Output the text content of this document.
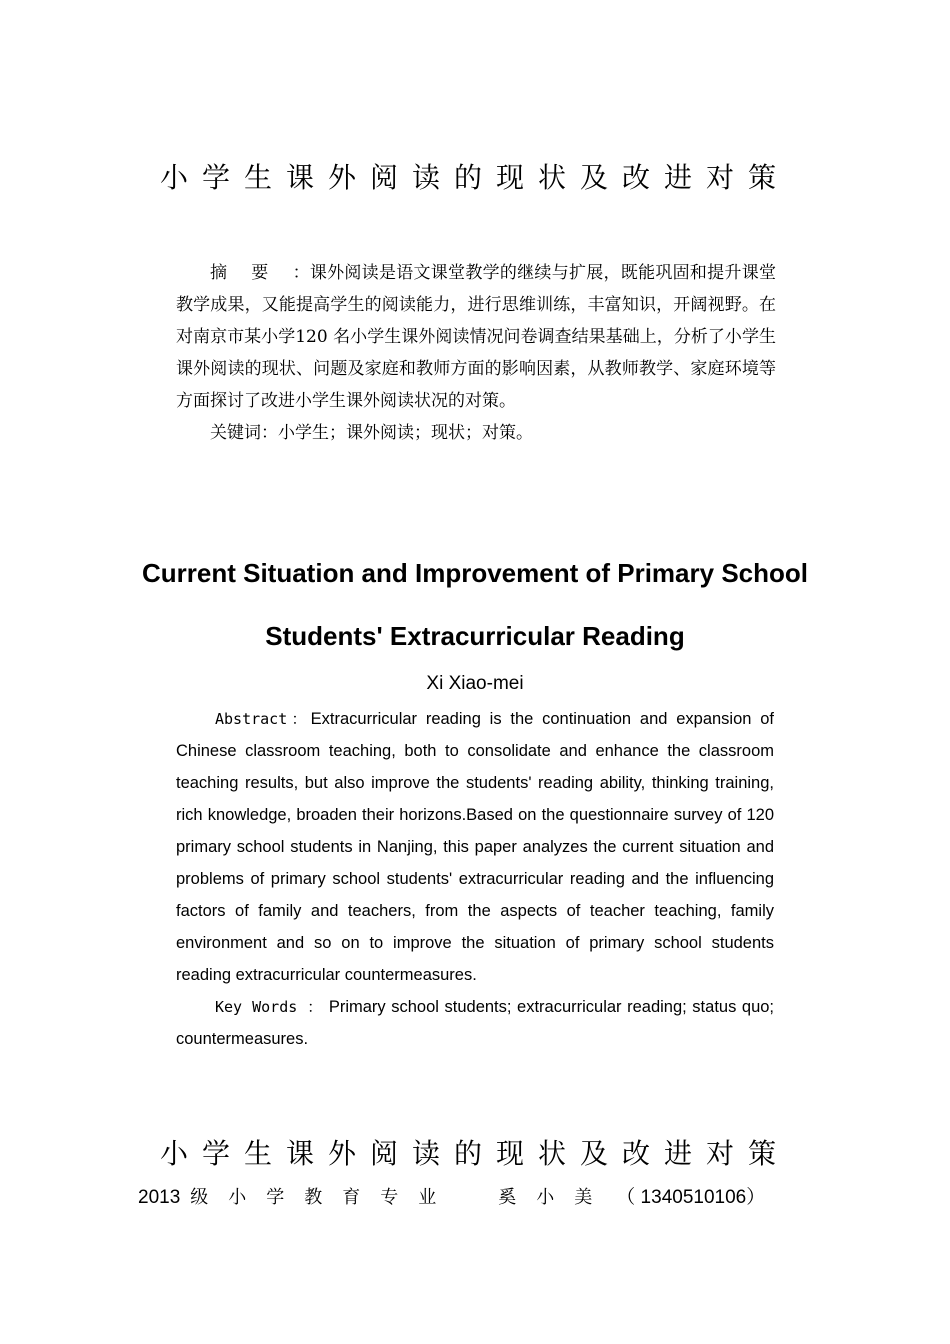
小学生课外阅读的现状及改进对策

摘要：课外阅读是语文课堂教学的继续与扩展，既能巩固和提升课堂教学成果，又能提高学生的阅读能力，进行思维训练，丰富知识，开阔视野。在对南京市某小学120 名小学生课外阅读情况问卷调查结果基础上，分析了小学生课外阅读的现状、问题及家庭和教师方面的影响因素，从教师教学、家庭环境等方面探讨了改进小学生课外阅读状况的对策。

关键词：小学生；课外阅读；现状；对策。

Current Situation and Improvement of Primary School
Students' Extracurricular Reading
Xi Xiao-mei

Abstract：Extracurricular reading is the continuation and expansion of Chinese classroom teaching, both to consolidate and enhance the classroom teaching results, but also improve the students' reading ability, thinking training, rich knowledge, broaden their horizons.Based on the questionnaire survey of 120 primary school students in Nanjing, this paper analyzes the current situation and problems of primary school students' extracurricular reading and the influencing factors of family and teachers, from the aspects of teacher teaching, family environment and so on to improve the situation of primary school students reading extracurricular countermeasures.

Key Words ： Primary school students; extracurricular reading; status quo; countermeasures.

小学生课外阅读的现状及改进对策
2013 级小学教育专业 奚小美 （ 1340510106）
